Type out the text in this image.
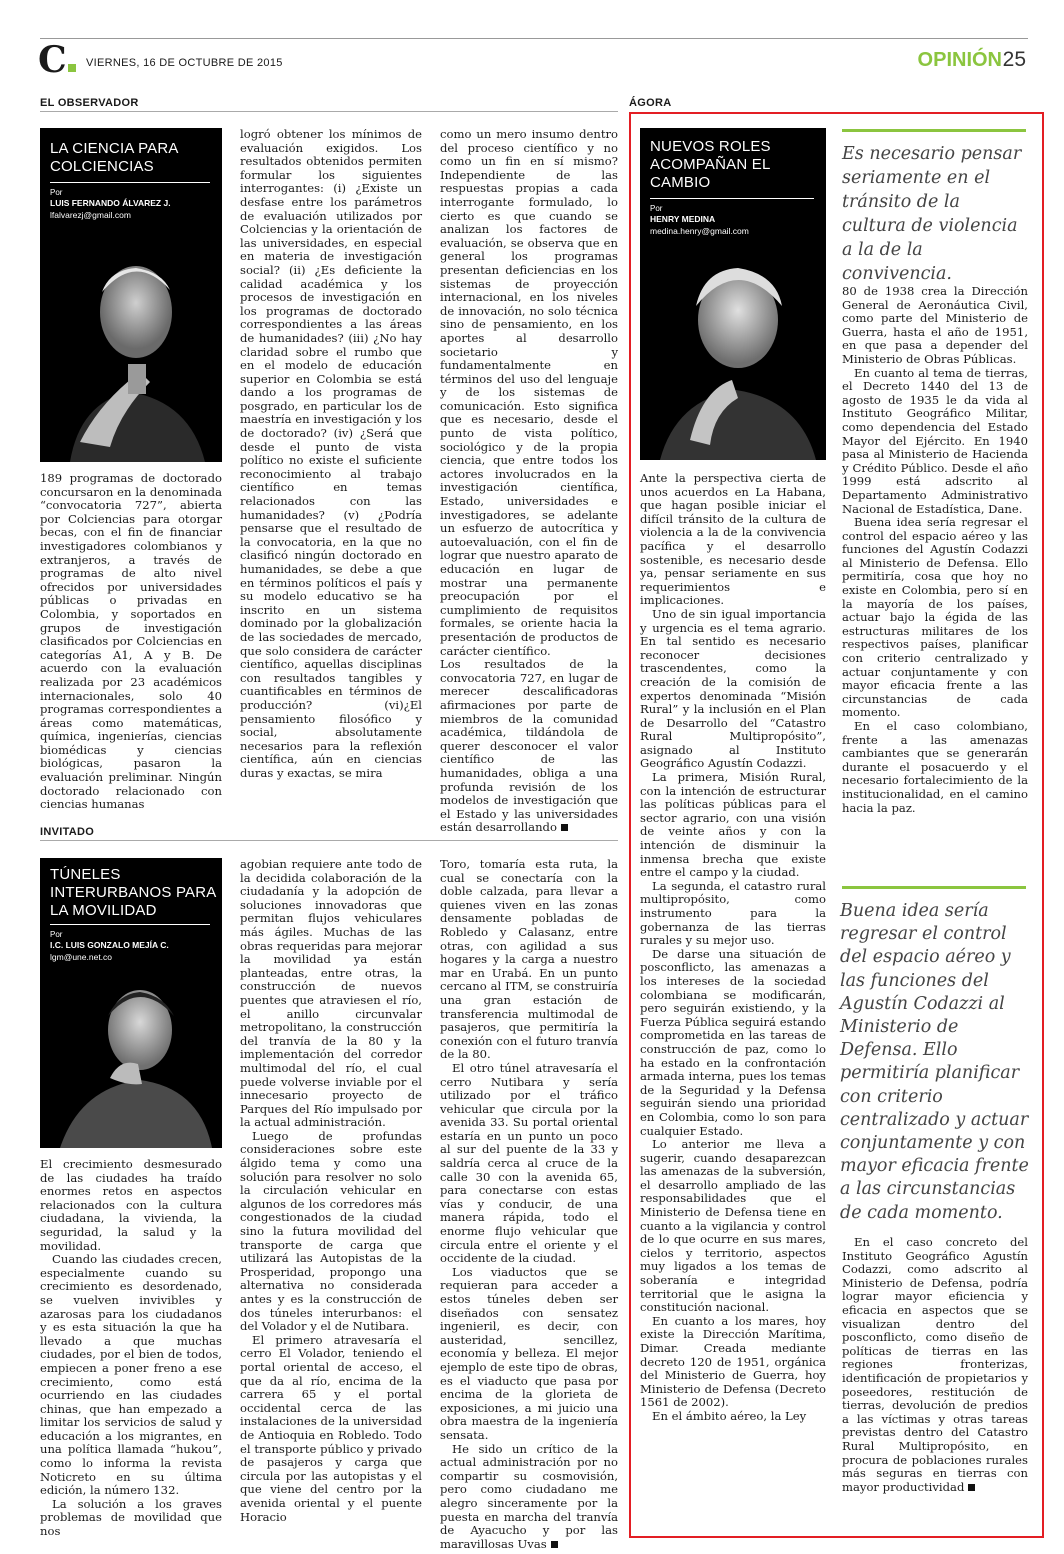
C	VIERNES, 16 DE OCTUBRE DE 2015	OPINIÓN 25
EL OBSERVADOR	ÁGORA
INVITADO
LA CIENCIA PARA
COLCIENCIAS
Por
LUIS FERNANDO ÁLVAREZ J.
lfalvarezj@gmail.com

189 programas de doctorado concursaron en la denominada “convocatoria 727”, abierta por Colciencias para otorgar becas, con el fin de financiar investigadores colombianos y extranjeros, a través de programas de alto nivel ofrecidos por universidades públicas o privadas en Colombia, y soportados en grupos de investigación clasificados por Colciencias en categorías A1, A y B. De acuerdo con la evaluación realizada por 23 académicos internacionales, solo 40 programas correspondientes a áreas como matemáticas, química, ingenierías, ciencias biomédicas y ciencias biológicas, pasaron la evaluación preliminar. Ningún doctorado relacionado con ciencias humanas

logró obtener los mínimos de evaluación exigidos. Los resultados obtenidos permiten formular los siguientes interrogantes: (i) ¿Existe un desfase entre los parámetros de evaluación utilizados por Colciencias y la orientación de las universidades, en especial en materia de investigación social? (ii) ¿Es deficiente la calidad académica y los procesos de investigación en los programas de doctorado correspondientes a las áreas de humanidades? (iii) ¿No hay claridad sobre el rumbo que en el modelo de educación superior en Colombia se está dando a los programas de posgrado, en particular los de maestría en investigación y los de doctorado? (iv) ¿Será que desde el punto de vista político no existe el suficiente reconocimiento al trabajo científico en temas relacionados con las humanidades? (v) ¿Podría pensarse que el resultado de la convocatoria, en la que no clasificó ningún doctorado en humanidades, se debe a que en términos políticos el país y su modelo educativo se ha inscrito en un sistema dominado por la globalización de las sociedades de mercado, que solo considera de carácter científico, aquellas disciplinas con resultados tangibles y cuantificables en términos de producción? (vi)¿El pensamiento filosófico y social, absolutamente necesarios para la reflexión científica, aún en ciencias duras y exactas, se mira

como un mero insumo dentro del proceso científico y no como un fin en sí mismo? Independiente de las respuestas propias a cada interrogante formulado, lo cierto es que cuando se analizan los factores de evaluación, se observa que en general los programas presentan deficiencias en los sistemas de proyección internacional, en los niveles de innovación, no solo técnica sino de pensamiento, en los aportes al desarrollo societario y fundamentalmente en términos del uso del lenguaje y de los sistemas de comunicación. Esto significa que es necesario, desde el punto de vista político, sociológico y de la propia ciencia, que entre todos los actores involucrados en la investigación científica, Estado, universidades e investigadores, se adelante un esfuerzo de autocrítica y autoevaluación, con el fin de lograr que nuestro aparato de educación en lugar de mostrar una permanente preocupación por el cumplimiento de requisitos formales, se oriente hacia la presentación de productos de carácter científico.

Los resultados de la convocatoria 727, en lugar de merecer descalificadoras afirmaciones por parte de miembros de la comunidad académica, tildándola de querer desconocer el valor científico de las humanidades, obliga a una profunda revisión de los modelos de investigación que el Estado y las universidades están desarrollando

TÚNELES
INTERURBANOS PARA
LA MOVILIDAD
Por
I.C. LUIS GONZALO MEJÍA C.
lgm@une.net.co

El crecimiento desmesurado de las ciudades ha traído enormes retos en aspectos relacionados con la cultura ciudadana, la vivienda, la seguridad, la salud y la movilidad.

Cuando las ciudades crecen, especialmente cuando su crecimiento es desordenado, se vuelven invivibles y azarosas para los ciudadanos y es esta situación la que ha llevado a que muchas ciudades, por el bien de todos, empiecen a poner freno a ese crecimiento, como está ocurriendo en las ciudades chinas, que han empezado a limitar los servicios de salud y educación a los migrantes, en una política llamada “hukou”, como lo informa la revista Noticreto en su última edición, la número 132.

La solución a los graves problemas de movilidad que nos

agobian requiere ante todo de la decidida colaboración de la ciudadanía y la adopción de soluciones innovadoras que permitan flujos vehiculares más ágiles. Muchas de las obras requeridas para mejorar la movilidad ya están planteadas, entre otras, la construcción de nuevos puentes que atraviesen el río, el anillo circunvalar metropolitano, la construcción del tranvía de la 80 y la implementación del corredor multimodal del río, el cual puede volverse inviable por el innecesario proyecto de Parques del Río impulsado por la actual administración.

Luego de profundas consideraciones sobre este álgido tema y como una solución para resolver no solo la circulación vehicular en algunos de los corredores más congestionados de la ciudad sino la futura movilidad del transporte de carga que utilizará las Autopistas de la Prosperidad, propongo una alternativa no considerada antes y es la construcción de dos túneles interurbanos: el del Volador y el de Nutibara.

El primero atravesaría el cerro El Volador, teniendo el portal oriental de acceso, el que da al río, encima de la carrera 65 y el portal occidental cerca de las instalaciones de la universidad de Antioquia en Robledo. Todo el transporte público y privado de pasajeros y carga que circula por las autopistas y el que viene del centro por la avenida oriental y el puente Horacio

Toro, tomaría esta ruta, la cual se conectaría con la doble calzada, para llevar a quienes viven en las zonas densamente pobladas de Robledo y Calasanz, entre otras, con agilidad a sus hogares y la carga a nuestro mar en Urabá. En un punto cercano al ITM, se construiría una gran estación de transferencia multimodal de pasajeros, que permitiría la conexión con el futuro tranvía de la 80.

El otro túnel atravesaría el cerro Nutibara y sería utilizado por el tráfico vehicular que circula por la avenida 33. Su portal oriental estaría en un punto un poco al sur del puente de la 33 y saldría cerca al cruce de la calle 30 con la avenida 65, para conectarse con estas vías y conducir, de una manera rápida, todo el enorme flujo vehicular que circula entre el oriente y el occidente de la ciudad.

Los viaductos que se requieran para acceder a estos túneles deben ser diseñados con sensatez ingenieril, es decir, con austeridad, sencillez, economía y belleza. El mejor ejemplo de este tipo de obras, es el viaducto que pasa por encima de la glorieta de exposiciones, a mi juicio una obra maestra de la ingeniería sensata.

He sido un crítico de la actual administración por no compartir su cosmovisión, pero como ciudadano me alegro sinceramente por la puesta en marcha del tranvía de Ayacucho y por las maravillosas Uvas

NUEVOS ROLES
ACOMPAÑAN EL
CAMBIO
Por
HENRY MEDINA
medina.henry@gmail.com
Es necesario pensar seriamente en el tránsito de la cultura de violencia a la de la convivencia.
Buena idea sería regresar el control del espacio aéreo y las funciones del Agustín Codazzi al Ministerio de Defensa. Ello permitiría planificar con criterio centralizado y actuar conjuntamente y con mayor eficacia frente a las circunstancias de cada momento.

Ante la perspectiva cierta de unos acuerdos en La Habana, que hagan posible iniciar el difícil tránsito de la cultura de violencia a la de la convivencia pacífica y el desarrollo sostenible, es necesario desde ya, pensar seriamente en sus requerimientos e implicaciones.

Uno de sin igual importancia y urgencia es el tema agrario. En tal sentido es necesario reconocer decisiones trascendentes, como la creación de la comisión de expertos denominada “Misión Rural” y la inclusión en el Plan de Desarrollo del “Catastro Rural Multipropósito”, asignado al Instituto Geográfico Agustín Codazzi.

La primera, Misión Rural, con la intención de estructurar las políticas públicas para el sector agrario, con una visión de veinte años y con la intención de disminuir la inmensa brecha que existe entre el campo y la ciudad.

La segunda, el catastro rural multipropósito, como instrumento para la gobernanza de las tierras rurales y su mejor uso.

De darse una situación de posconflicto, las amenazas a los intereses de la sociedad colombiana se modificarán, pero seguirán existiendo, y la Fuerza Pública seguirá estando comprometida en las tareas de construcción de paz, como lo ha estado en la confrontación armada interna, pues los temas de la Seguridad y la Defensa seguirán siendo una prioridad en Colombia, como lo son para cualquier Estado.

Lo anterior me lleva a sugerir, cuando desaparezcan las amenazas de la subversión, el desarrollo ampliado de las responsabilidades que el Ministerio de Defensa tiene en cuanto a la vigilancia y control de lo que ocurre en sus mares, cielos y territorio, aspectos muy ligados a los temas de soberanía e integridad territorial que le asigna la constitución nacional.

En cuanto a los mares, hoy existe la Dirección Marítima, Dimar. Creada mediante decreto 120 de 1951, orgánica del Ministerio de Guerra, hoy Ministerio de Defensa (Decreto 1561 de 2002).

En el ámbito aéreo, la Ley

80 de 1938 crea la Dirección General de Aeronáutica Civil, como parte del Ministerio de Guerra, hasta el año de 1951, en que pasa a depender del Ministerio de Obras Públicas.

En cuanto al tema de tierras, el Decreto 1440 del 13 de agosto de 1935 le da vida al Instituto Geográfico Militar, como dependencia del Estado Mayor del Ejército. En 1940 pasa al Ministerio de Hacienda y Crédito Público. Desde el año 1999 está adscrito al Departamento Administrativo Nacional de Estadística, Dane.

Buena idea sería regresar el control del espacio aéreo y las funciones del Agustín Codazzi al Ministerio de Defensa. Ello permitiría, cosa que hoy no existe en Colombia, pero sí en la mayoría de los países, actuar bajo la égida de las estructuras militares de los respectivos países, planificar con criterio centralizado y actuar conjuntamente y con mayor eficacia frente a las circunstancias de cada momento.

En el caso colombiano, frente a las amenazas cambiantes que se generarán durante el posacuerdo y el necesario fortalecimiento de la institucionalidad, en el camino hacia la paz.

En el caso concreto del Instituto Geográfico Agustín Codazzi, como adscrito al Ministerio de Defensa, podría lograr mayor eficiencia y eficacia en aspectos que se visualizan dentro del posconflicto, como diseño de políticas de tierras en las regiones fronterizas, identificación de propietarios y poseedores, restitución de tierras, devolución de predios a las víctimas y otras tareas previstas dentro del Catastro Rural Multipropósito, en procura de poblaciones rurales más seguras en tierras con mayor productividad
